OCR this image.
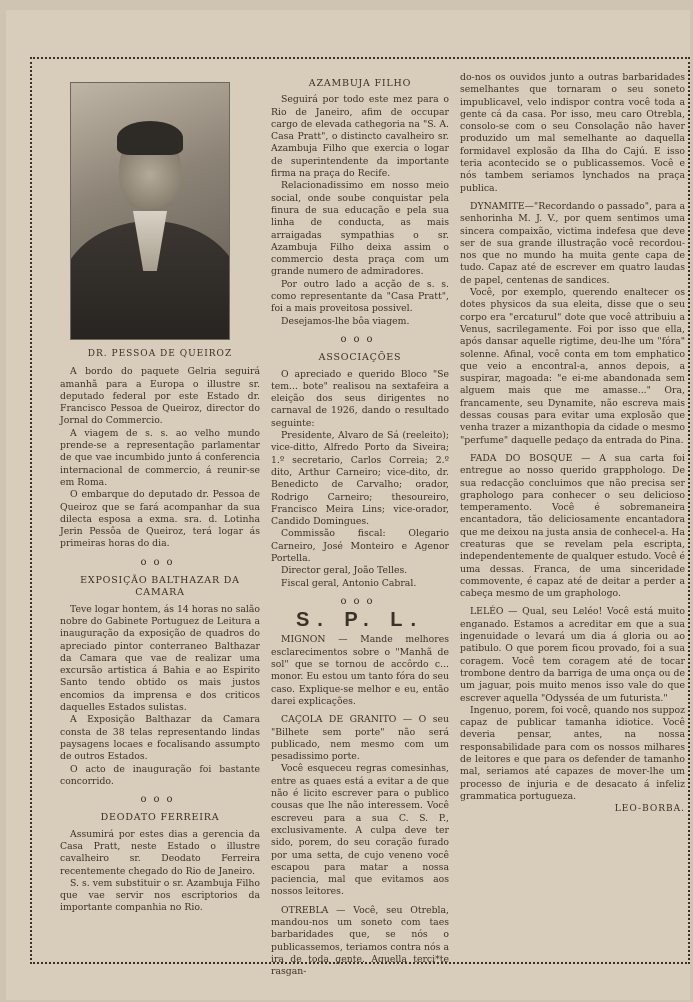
DR. PESSOA DE QUEIROZ

A bordo do paquete Gelria seguirá amanhã para a Europa o illustre sr. deputado federal por este Estado dr. Francisco Pessoa de Queiroz, director do Jornal do Commercio.

A viagem de s. s. ao velho mundo prende-se a representação parlamentar de que vae incumbido junto á conferencia internacional de commercio, á reunir-se em Roma.

O embarque do deputado dr. Pessoa de Queiroz que se fará acompanhar da sua dilecta esposa a exma. sra. d. Lotinha Jerin Pessôa de Queiroz, terá logar ás primeiras horas do dia.

ooo
EXPOSIÇÃO BALTHAZAR DA CAMARA

Teve logar hontem, ás 14 horas no salão nobre do Gabinete Portuguez de Leitura a inauguração da exposição de quadros do apreciado pintor conterraneo Balthazar da Camara que vae de realizar uma excursão artistica á Bahia e ao Espirito Santo tendo obtido os mais justos encomios da imprensa e dos criticos daquelles Estados sulistas.

A Exposição Balthazar da Camara consta de 38 telas representando lindas paysagens locaes e focalisando assumpto de outros Estados.

O acto de inauguração foi bastante concorrido.

ooo
DEODATO FERREIRA

Assumirá por estes dias a gerencia da Casa Pratt, neste Estado o illustre cavalheiro sr. Deodato Ferreira recentemente chegado do Rio de Janeiro.

S. s. vem substituir o sr. Azambuja Filho que vae servir nos escriptorios da importante companhia no Rio.

AZAMBUJA FILHO

Seguirá por todo este mez para o Rio de Janeiro, afim de occupar cargo de elevada cathegoria na "S. A. Casa Pratt", o distincto cavalheiro sr. Azambuja Filho que exercia o logar de superintendente da importante firma na praça do Recife.

Relacionadissimo em nosso meio social, onde soube conquistar pela finura de sua educação e pela sua linha de conducta, as mais arraigadas sympathias o sr. Azambuja Filho deixa assim o commercio desta praça com um grande numero de admiradores.

Por outro lado a acção de s. s. como representante da "Casa Pratt", foi a mais proveitosa possivel.

Desejamos-lhe bôa viagem.

ooo
ASSOCIAÇÕES

O apreciado e querido Bloco "Se tem... bote" realisou na sextafeira a eleição dos seus dirigentes no carnaval de 1926, dando o resultado seguinte:

Presidente, Alvaro de Sá (reeleito); vice-ditto, Alfredo Porto da Siveira; 1.º secretario, Carlos Correia; 2.º dito, Arthur Carneiro; vice-dito, dr. Benedicto de Carvalho; orador, Rodrigo Carneiro; thesoureiro, Francisco Meira Lins; vice-orador, Candido Domingues.

Commissão fiscal: Olegario Carneiro, José Monteiro e Agenor Portella.

Director geral, João Telles.

Fiscal geral, Antonio Cabral.

ooo
S. P. L.

MIGNON — Mande melhores esclarecimentos sobre o "Manhã de sol" que se tornou de accôrdo c... monor. Eu estou um tanto fóra do seu caso. Explique-se melhor e eu, então darei explicações.

CAÇOLA DE GRANITO — O seu "Bilhete sem porte" não será publicado, nem mesmo com um pesadissimo porte.

Você esqueceu regras comesinhas, entre as quaes está a evitar a de que não é licito escrever para o publico cousas que lhe não interessem. Você escreveu para a sua C. S. P., exclusivamente. A culpa deve ter sido, porem, do seu coração furado por uma setta, de cujo veneno você escapou para matar a nossa paciencia, mal que evitamos aos nossos leitores.

OTREBLA — Você, seu Otrebla, mandou-nos um soneto com taes barbaridades que, se nós o publicassemos, teriamos contra nós a ira de toda gente. Aquella terci*te rasgan-

do-nos os ouvidos junto a outras barbaridades semelhantes que tornaram o seu soneto impublicavel, velo indispor contra você toda a gente cá da casa. Por isso, meu caro Otrebla, consolo-se com o seu Consolação não haver produzido um mal semelhante ao daquella formidavel explosão da Ilha do Cajú. E isso teria acontecido se o publicassemos. Você e nós tambem seriamos lynchados na praça publica.

DYNAMITE—"Recordando o passado", para a senhorinha M. J. V., por quem sentimos uma sincera compaixão, victima indefesa que deve ser de sua grande illustração você recordou-nos que no mundo ha muita gente capa de tudo. Capaz até de escrever em quatro laudas de papel, centenas de sandices.

Você, por exemplo, querendo enaltecer os dotes physicos da sua eleita, disse que o seu corpo era "ercaturul" dote que você attribuiu a Venus, sacrilegamente. Foi por isso que ella, após dansar aquelle rigtime, deu-lhe um "fóra" solenne. Afinal, você conta em tom emphatico que veio a encontral-a, annos depois, a suspirar, magoada: "e ei-me abandonada sem alguem mais que me amasse..." Ora, francamente, seu Dynamite, não escreva mais dessas cousas para evitar uma explosão que venha trazer a mizanthopia da cidade o mesmo "perfume" daquelle pedaço da entrada do Pina.

FADA DO BOSQUE — A sua carta foi entregue ao nosso querido grapphologo. De sua redacção concluimos que não precisa ser graphologo para conhecer o seu delicioso temperamento. Você é sobremaneira encantadora, tão deliciosamente encantadora que me deixou na justa ansia de conhecel-a. Ha creaturas que se revelam pela escripta, independentemente de qualquer estudo. Você é uma dessas. Franca, de uma sinceridade commovente, é capaz até de deitar a perder a cabeça mesmo de um graphologo.

LELÉO — Qual, seu Leléo! Você está muito enganado. Estamos a acreditar em que a sua ingenuidade o levará um dia á gloria ou ao patibulo. O que porem ficou provado, foi a sua coragem. Você tem coragem até de tocar trombone dentro da barriga de uma onça ou de um jaguar, pois muito menos isso vale do que escrever aquella "Odysséa de um futurista."

Ingenuo, porem, foi você, quando nos suppoz capaz de publicar tamanha idiotice. Você deveria pensar, antes, na nossa responsabilidade para com os nossos milhares de leitores e que para os defender de tamanho mal, seriamos até capazes de mover-lhe um processo de injuria e de desacato á infeliz grammatica portugueza.

LEO-BORBA.
